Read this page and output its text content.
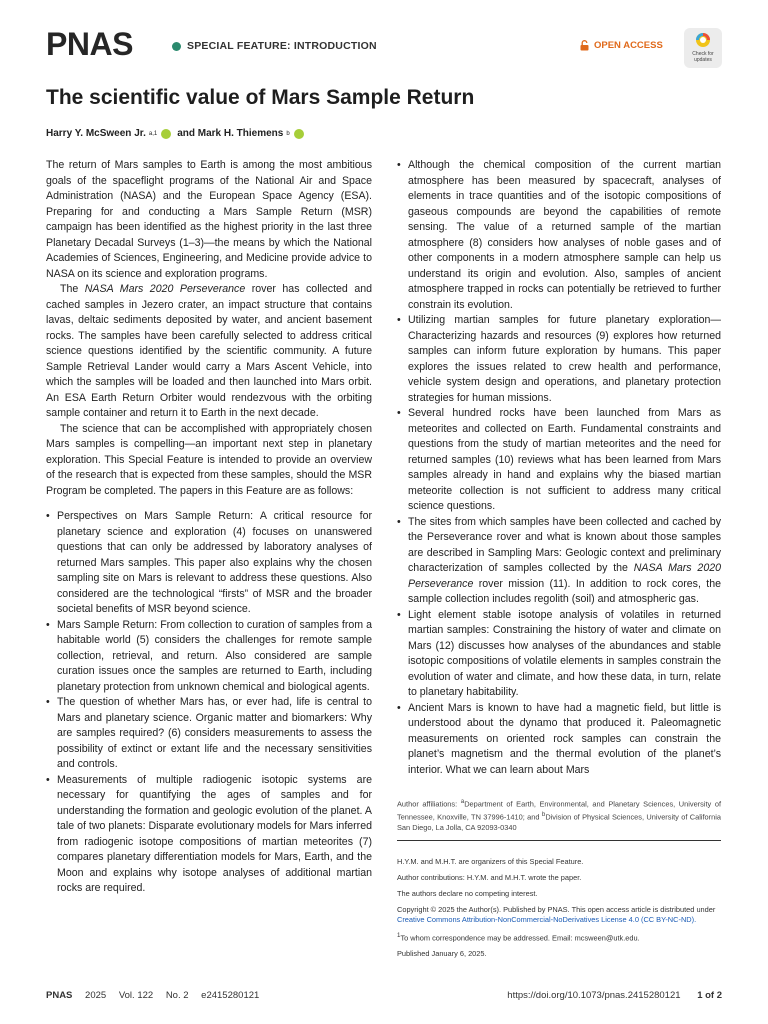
PNAS	SPECIAL FEATURE: INTRODUCTION	OPEN ACCESS
Check for updates
The scientific value of Mars Sample Return
Harry Y. McSween Jr. a,1 and Mark H. Thiemens b

The return of Mars samples to Earth is among the most ambitious goals of the spaceflight programs of the National Air and Space Administration (NASA) and the European Space Agency (ESA). Preparing for and conducting a Mars Sample Return (MSR) campaign has been identified as the highest priority in the last three Planetary Decadal Surveys (1–3)—the means by which the National Academies of Sciences, Engineering, and Medicine provide advice to NASA on its science and exploration programs.

The NASA Mars 2020 Perseverance rover has collected and cached samples in Jezero crater, an impact structure that contains lavas, deltaic sediments deposited by water, and ancient basement rocks. The samples have been carefully selected to address critical science questions identified by the scientific community. A future Sample Retrieval Lander would carry a Mars Ascent Vehicle, into which the samples will be loaded and then launched into Mars orbit. An ESA Earth Return Orbiter would rendezvous with the orbiting sample container and return it to Earth in the next decade.

The science that can be accomplished with appropriately chosen Mars samples is compelling—an important next step in planetary exploration. This Special Feature is intended to provide an overview of the research that is expected from these samples, should the MSR Program be completed. The papers in this Feature are as follows:

• Perspectives on Mars Sample Return: A critical resource for planetary science and exploration (4) focuses on unanswered questions that can only be addressed by laboratory analyses of returned Mars samples. This paper also explains why the chosen sampling site on Mars is relevant to address these questions. Also considered are the technological “firsts” of MSR and the broader societal benefits of MSR beyond science.
• Mars Sample Return: From collection to curation of samples from a habitable world (5) considers the challenges for remote sample collection, retrieval, and return. Also considered are sample curation issues once the samples are returned to Earth, including planetary protection from unknown chemical and biological agents.
• The question of whether Mars has, or ever had, life is central to Mars and planetary science. Organic matter and biomarkers: Why are samples required? (6) considers measurements to assess the possibility of extinct or extant life and the necessary sensitivities and controls.
• Measurements of multiple radiogenic isotopic systems are necessary for quantifying the ages of samples and for understanding the formation and geologic evolution of the planet. A tale of two planets: Disparate evolutionary models for Mars inferred from radiogenic isotope compositions of martian meteorites (7) compares planetary differentiation models for Mars, Earth, and the Moon and explains why isotope analyses of additional martian rocks are required.
• Although the chemical composition of the current martian atmosphere has been measured by spacecraft, analyses of elements in trace quantities and of the isotopic compositions of gaseous compounds are beyond the capabilities of remote sensing. The value of a returned sample of the martian atmosphere (8) considers how analyses of noble gases and of other components in a modern atmosphere sample can help us understand its origin and evolution. Also, samples of ancient atmosphere trapped in rocks can potentially be retrieved to further constrain its evolution.
• Utilizing martian samples for future planetary exploration—Characterizing hazards and resources (9) explores how returned samples can inform future exploration by humans. This paper explores the issues related to crew health and performance, vehicle system design and operations, and planetary protection strategies for human missions.
• Several hundred rocks have been launched from Mars as meteorites and collected on Earth. Fundamental constraints and questions from the study of martian meteorites and the need for returned samples (10) reviews what has been learned from Mars samples already in hand and explains why the biased martian meteorite collection is not sufficient to address many critical science questions.
• The sites from which samples have been collected and cached by the Perseverance rover and what is known about those samples are described in Sampling Mars: Geologic context and preliminary characterization of samples collected by the NASA Mars 2020 Perseverance rover mission (11). In addition to rock cores, the sample collection includes regolith (soil) and atmospheric gas.
• Light element stable isotope analysis of volatiles in returned martian samples: Constraining the history of water and climate on Mars (12) discusses how analyses of the abundances and stable isotopic compositions of volatile elements in samples constrain the evolution of water and climate, and how these data, in turn, relate to planetary habitability.
• Ancient Mars is known to have had a magnetic field, but little is understood about the dynamo that produced it. Paleomagnetic measurements on oriented rock samples can constrain the planet’s magnetism and the thermal evolution of the planet’s interior. What we can learn about Mars
Author affiliations: $^a$Department of Earth, Environmental, and Planetary Sciences, University of Tennessee, Knoxville, TN 37996-1410; and $^b$Division of Physical Sciences, University of California San Diego, La Jolla, CA 92093-0340

H.Y.M. and M.H.T. are organizers of this Special Feature.

Author contributions: H.Y.M. and M.H.T. wrote the paper.

The authors declare no competing interest.

Copyright © 2025 the Author(s). Published by PNAS. This open access article is distributed under
Creative Commons Attribution-NonCommercial-NoDerivatives License 4.0 (CC BY-NC-ND).

$^1$To whom correspondence may be addressed. Email: mcsween@utk.edu.

Published January 6, 2025.

PNAS 2025 Vol. 122 No. 2 e2415280121	https://doi.org/10.1073/pnas.2415280121 1 of 2
